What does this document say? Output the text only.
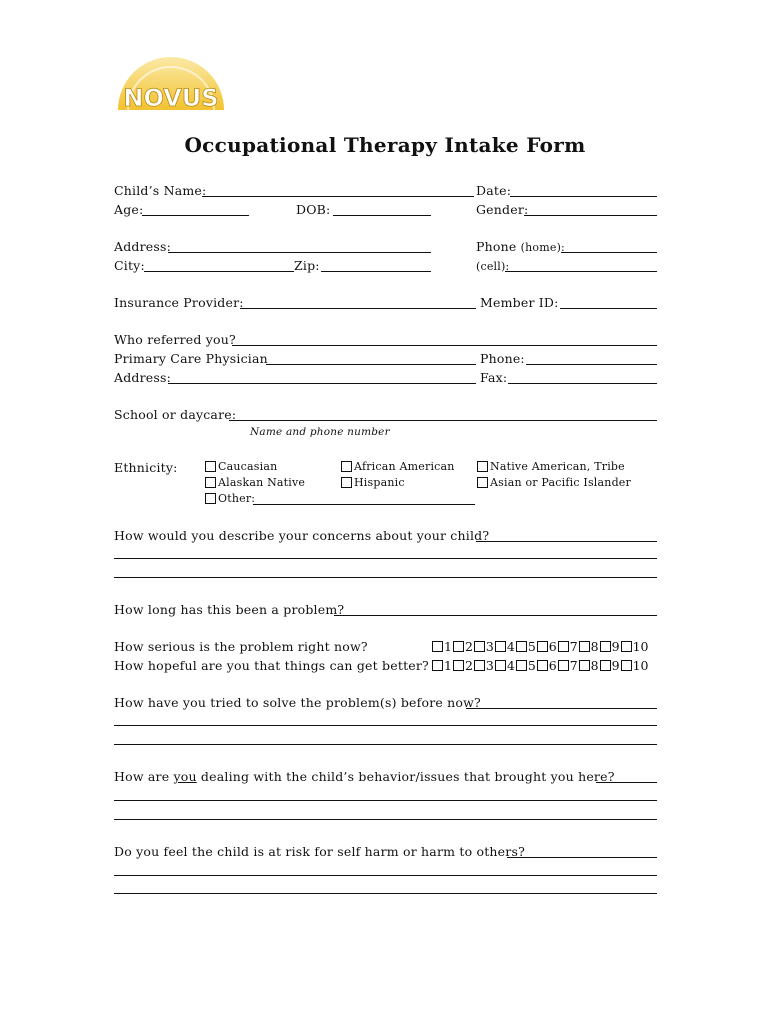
NOVUS
Occupational Therapy Intake Form
Child’s Name:	Date:
Age:	DOB:	Gender:
Address:	Phone (home):
City:	Zip:	(cell):
Insurance Provider:	Member ID:
Who referred you?
Primary Care Physician	Phone:
Address:	Fax:
School or daycare:
Name and phone number
Ethnicity:	Caucasian	African American	Native American, Tribe
Alaskan Native	Hispanic	Asian or Pacific Islander
Other:
How would you describe your concerns about your child?
How long has this been a problem?
How serious is the problem right now?	1 2 3 4 5 6 7 8 9 10
How hopeful are you that things can get better? 1 2 3 4 5 6 7 8 9 10
How have you tried to solve the problem(s) before now?
How are you dealing with the child’s behavior/issues that brought you here?
Do you feel the child is at risk for self harm or harm to others?
